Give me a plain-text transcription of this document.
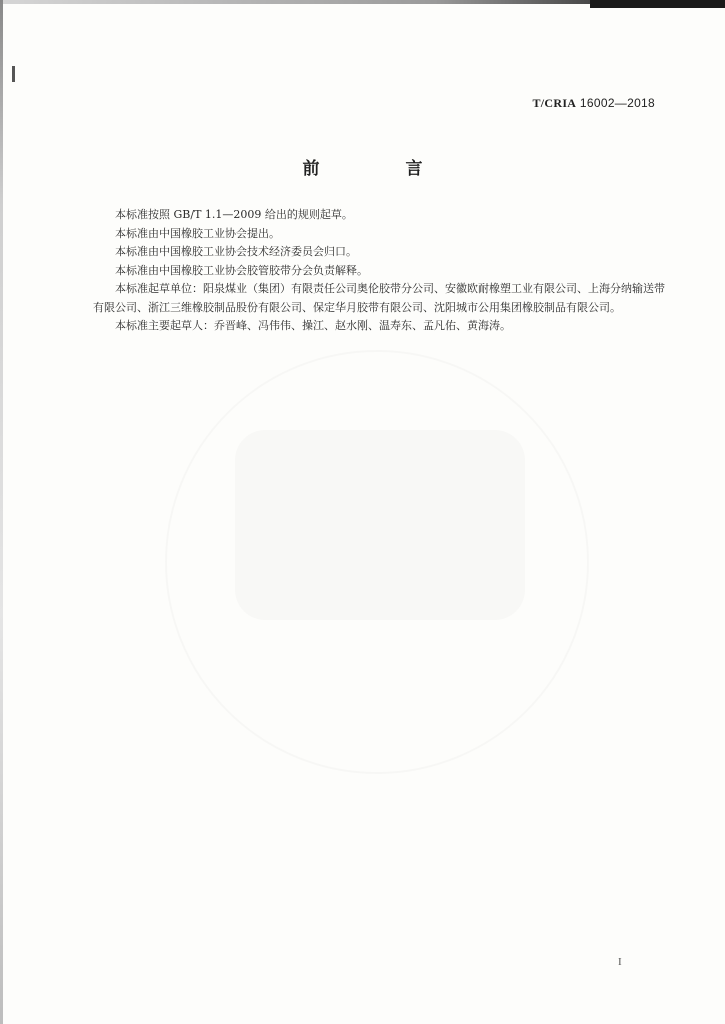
T/CRIA 16002—2018
前 言

本标准按照 GB/T 1.1—2009 给出的规则起草。

本标准由中国橡胶工业协会提出。

本标准由中国橡胶工业协会技术经济委员会归口。

本标准由中国橡胶工业协会胶管胶带分会负责解释。

本标准起草单位：阳泉煤业（集团）有限责任公司奥伦胶带分公司、安徽欧耐橡塑工业有限公司、上海分纳输送带有限公司、浙江三维橡胶制品股份有限公司、保定华月胶带有限公司、沈阳城市公用集团橡胶制品有限公司。

本标准主要起草人：乔晋峰、冯伟伟、操江、赵水刚、温寿东、孟凡佑、黄海涛。

I
